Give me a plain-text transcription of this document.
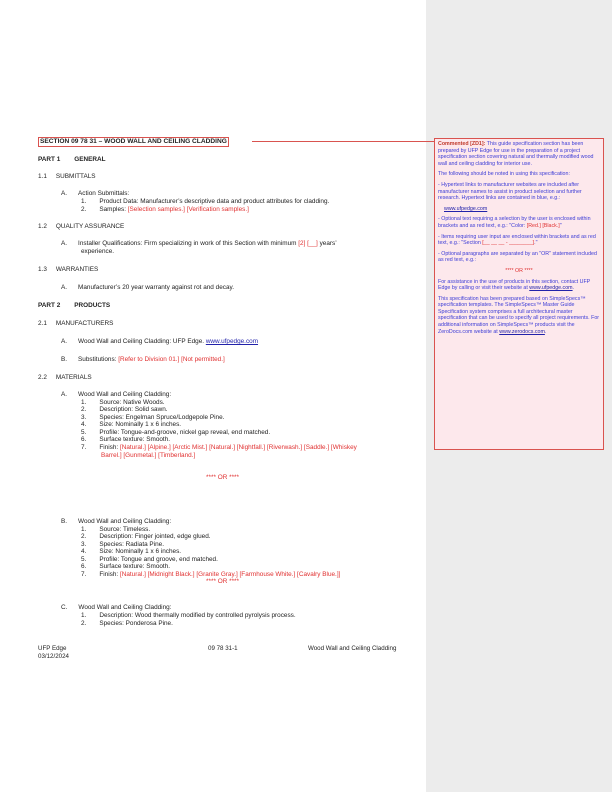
SECTION 09 78 31 – WOOD WALL AND CEILING CLADDING
PART 1 GENERAL
1.1 SUBMITTALS
A. Action Submittals:
1. Product Data: Manufacturer’s descriptive data and product attributes for cladding.
2. Samples: [Selection samples.] [Verification samples.]
1.2 QUALITY ASSURANCE
A. Installer Qualifications: Firm specializing in work of this Section with minimum [2] [__] years’
experience.
1.3 WARRANTIES
A. Manufacturer’s 20 year warranty against rot and decay.
PART 2 PRODUCTS
2.1 MANUFACTURERS
A. Wood Wall and Ceiling Cladding: UFP Edge. www.ufpedge.com
B. Substitutions: [Refer to Division 01.] [Not permitted.]
2.2 MATERIALS
A. Wood Wall and Ceiling Cladding:
1. Source: Native Woods.
2. Description: Solid sawn.
3. Species: Engelman Spruce/Lodgepole Pine.
4. Size: Nominally 1 x 6 inches.
5. Profile: Tongue-and-groove, nickel gap reveal, end matched.
6. Surface texture: Smooth.
7. Finish: [Natural.] [Alpine.] [Arctic Mist.] [Natural.] [Nightfall.] [Riverwash.] [Saddle.] [Whiskey
Barrel.] [Gunmetal.] [Timberland.]
**** OR ****
B. Wood Wall and Ceiling Cladding:
1. Source: Timeless.
2. Description: Finger jointed, edge glued.
3. Species: Radiata Pine.
4. Size: Nominally 1 x 6 inches.
5. Profile: Tongue and groove, end matched.
6. Surface texture: Smooth.
7. Finish: [Natural.] [Midnight Black.] [Granite Gray.] [Farmhouse White.] [Cavalry Blue.]]
**** OR ****
C. Wood Wall and Ceiling Cladding:
1. Description: Wood thermally modified by controlled pyrolysis process.
2. Species: Ponderosa Pine.
UFP Edge
03/12/2024
09 78 31-1	Wood Wall and Ceiling Cladding

Commented [ZD1]: This guide specification section has been prepared by UFP Edge for use in the preparation of a project specification section covering natural and thermally modified wood wall and ceiling cladding for interior use.

The following should be noted in using this specification:

- Hypertext links to manufacturer websites are included after manufacturer names to assist in product selection and further research. Hypertext links are contained in blue, e.g.:

www.ufpedge.com

- Optional text requiring a selection by the user is enclosed within brackets and as red text, e.g.: "Color: [Red.] [Black.]"

- Items requiring user input are enclosed within brackets and as red text, e.g.: "Section [__ __ __ - ________]."

- Optional paragraphs are separated by an "OR" statement included as red text, e.g.:

**** OR ****

For assistance in the use of products in this section, contact UFP Edge by calling or visit their website at www.ufpedge.com.

This specification has been prepared based on SimpleSpecs™ specification templates. The SimpleSpecs™ Master Guide Specification system comprises a full architectural master specification that can be used to specify all project requirements. For additional information on SimpleSpecs™ products visit the ZeroDocs.com website at www.zerodocs.com.
